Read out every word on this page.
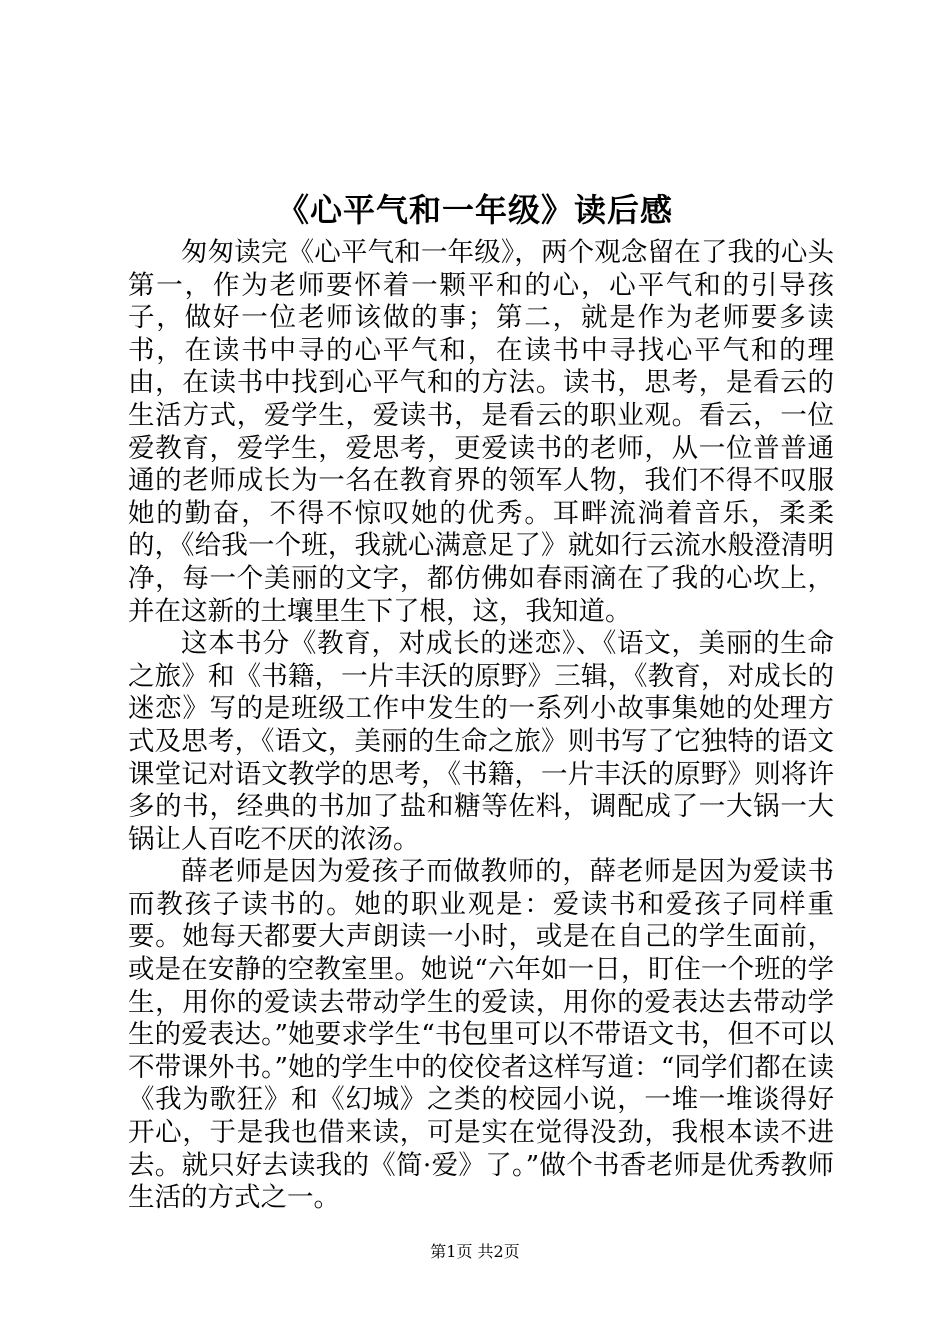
《心平气和一年级》读后感

匆匆读完《心平气和一年级》，两个观念留在了我的心头第一，作为老师要怀着一颗平和的心，心平气和的引导孩子，做好一位老师该做的事；第二，就是作为老师要多读书，在读书中寻的心平气和，在读书中寻找心平气和的理由，在读书中找到心平气和的方法。读书，思考，是看云的生活方式，爱学生，爱读书，是看云的职业观。看云，一位爱教育，爱学生，爱思考，更爱读书的老师，从一位普普通通的老师成长为一名在教育界的领军人物，我们不得不叹服她的勤奋，不得不惊叹她的优秀。耳畔流淌着音乐，柔柔的，《给我一个班，我就心满意足了》就如行云流水般澄清明净，每一个美丽的文字，都仿佛如春雨滴在了我的心坎上，并在这新的土壤里生下了根，这，我知道。

这本书分《教育，对成长的迷恋》、《语文，美丽的生命之旅》和《书籍，一片丰沃的原野》三辑，《教育，对成长的迷恋》写的是班级工作中发生的一系列小故事集她的处理方式及思考，《语文，美丽的生命之旅》则书写了它独特的语文课堂记对语文教学的思考，《书籍，一片丰沃的原野》则将许多的书，经典的书加了盐和糖等佐料，调配成了一大锅一大锅让人百吃不厌的浓汤。

薛老师是因为爱孩子而做教师的，薛老师是因为爱读书而教孩子读书的。她的职业观是：爱读书和爱孩子同样重要。她每天都要大声朗读一小时，或是在自己的学生面前，或是在安静的空教室里。她说“六年如一日，盯住一个班的学生，用你的爱读去带动学生的爱读，用你的爱表达去带动学生的爱表达。”她要求学生“书包里可以不带语文书，但不可以不带课外书。”她的学生中的佼佼者这样写道：“同学们都在读《我为歌狂》和《幻城》之类的校园小说，一堆一堆谈得好开心，于是我也借来读，可是实在觉得没劲，我根本读不进去。就只好去读我的《简·爱》了。”做个书香老师是优秀教师生活的方式之一。

第1页 共2页
